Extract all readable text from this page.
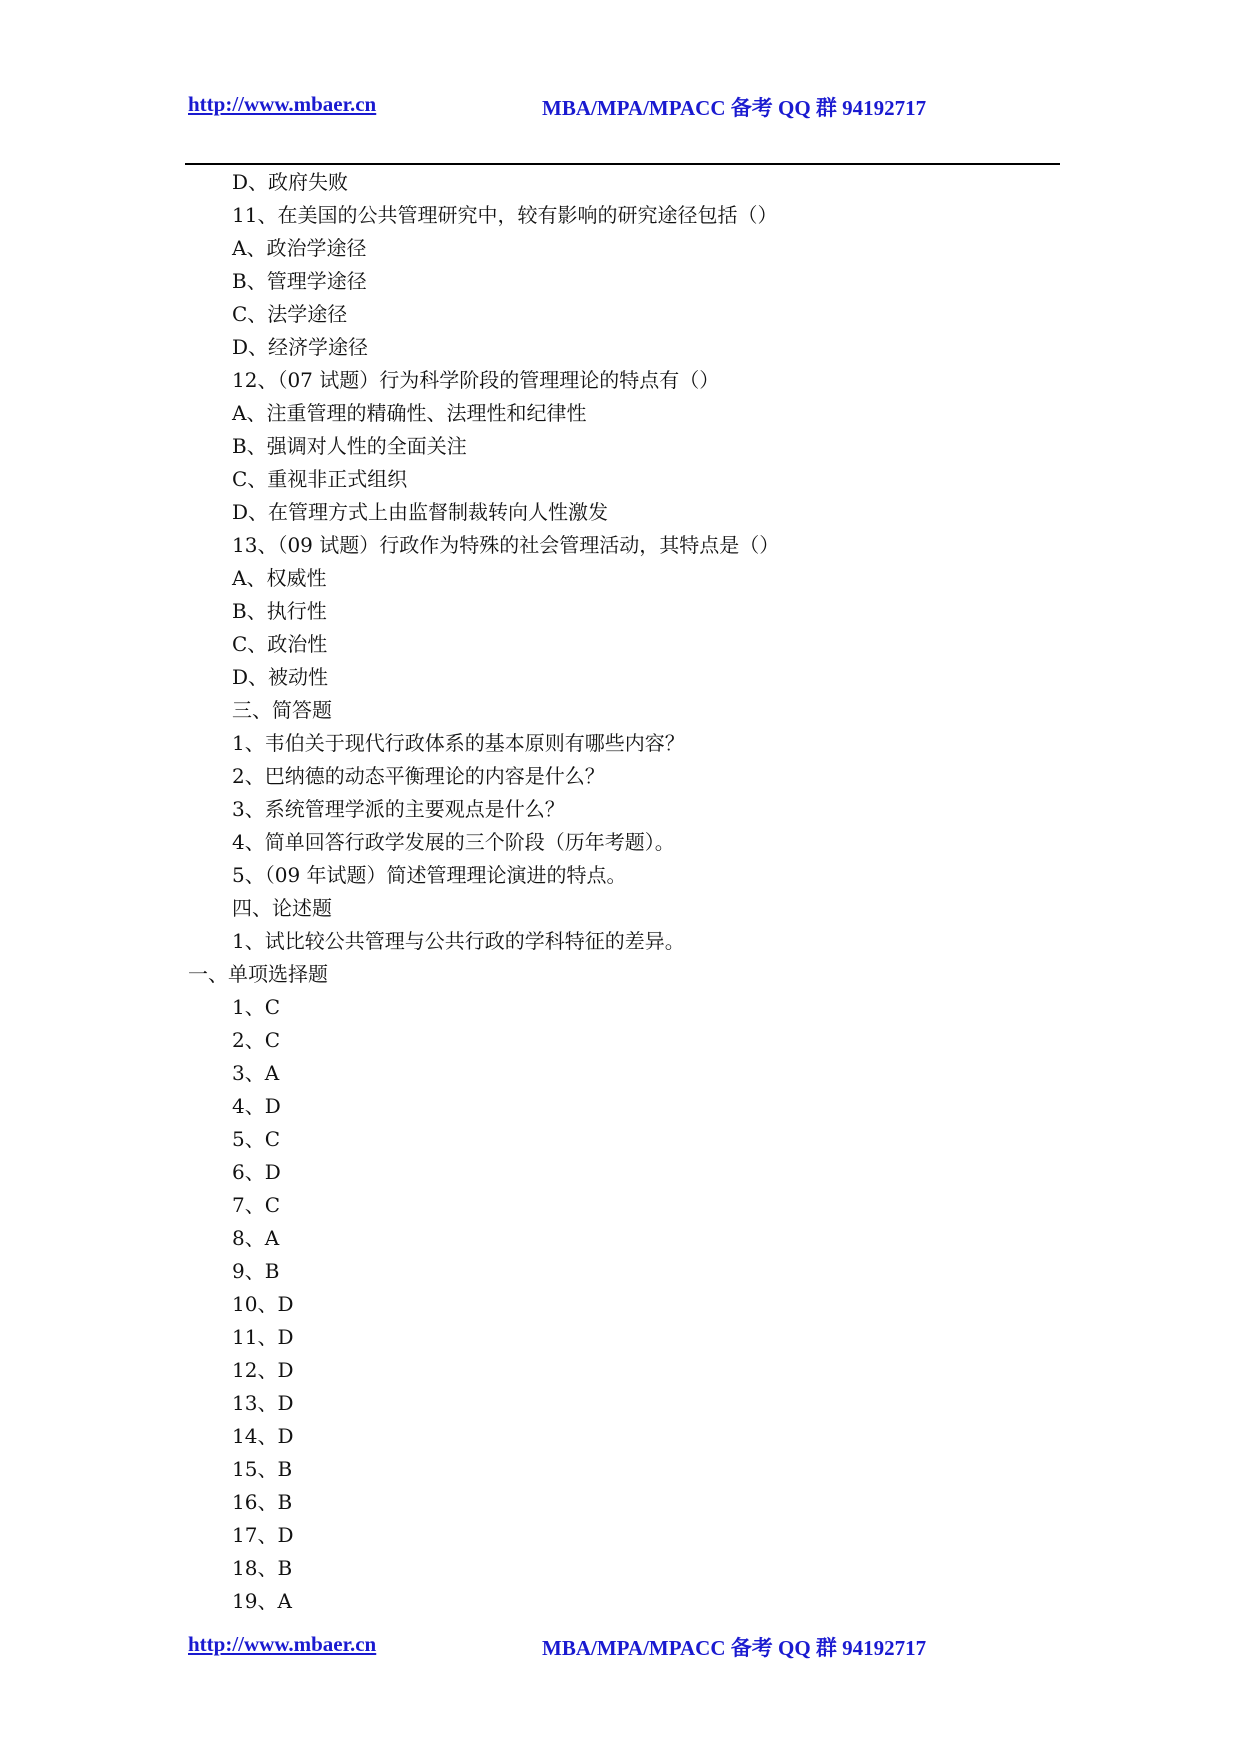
http://www.mbaer.cn	MBA/MPA/MPACC 备考 QQ 群 94192717
D、政府失败
11、在美国的公共管理研究中，较有影响的研究途径包括（）
A、政治学途径
B、管理学途径
C、法学途径
D、经济学途径
12、（07 试题）行为科学阶段的管理理论的特点有（）
A、注重管理的精确性、法理性和纪律性
B、强调对人性的全面关注
C、重视非正式组织
D、在管理方式上由监督制裁转向人性激发
13、（09 试题）行政作为特殊的社会管理活动，其特点是（）
A、权威性
B、执行性
C、政治性
D、被动性
三、简答题
1、韦伯关于现代行政体系的基本原则有哪些内容？
2、巴纳德的动态平衡理论的内容是什么？
3、系统管理学派的主要观点是什么？
4、简单回答行政学发展的三个阶段（历年考题）。
5、（09 年试题）简述管理理论演进的特点。
四、论述题
1、试比较公共管理与公共行政的学科特征的差异。
一、单项选择题
1、C
2、C
3、A
4、D
5、C
6、D
7、C
8、A
9、B
10、D
11、D
12、D
13、D
14、D
15、B
16、B
17、D
18、B
19、A
http://www.mbaer.cn	MBA/MPA/MPACC 备考 QQ 群 94192717
